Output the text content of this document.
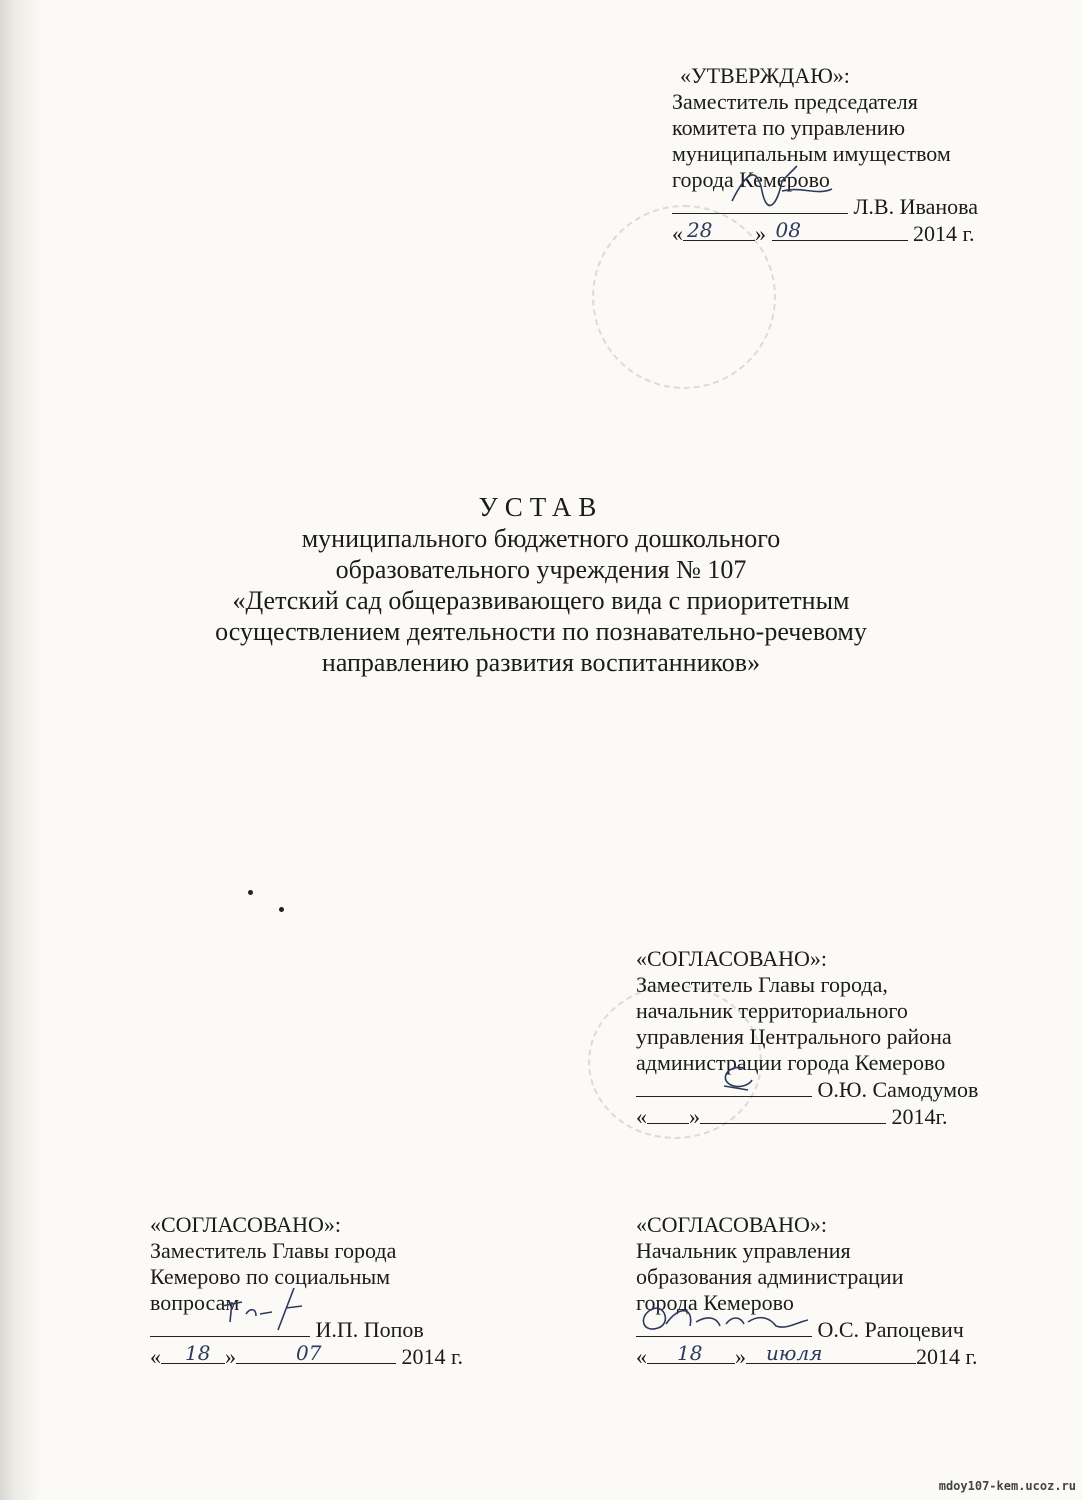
«УТВЕРЖДАЮ»:
Заместитель председателя
комитета по управлению
муниципальным имуществом
города Кемерово
Л.В. Иванова
« 28 » 08	2014 г.
УСТАВ
муниципального бюджетного дошкольного
образовательного учреждения № 107
«Детский сад общеразвивающего вида с приоритетным
осуществлением деятельности по познавательно-речевому
направлению развития воспитанников»
«СОГЛАСОВАНО»:
Заместитель Главы города,
начальник территориального
управления Центрального района
администрации города Кемерово
О.Ю. Самодумов
« »	2014г.
«СОГЛАСОВАНО»:
Заместитель Главы города
Кемерово по социальным
вопросам
И.П. Попов
« 18 »	07	2014 г.
«СОГЛАСОВАНО»:
Начальник управления
образования администрации
города Кемерово
О.С. Рапоцевич
« 18 » июля	2014 г.
mdoy107-kem.ucoz.ru
